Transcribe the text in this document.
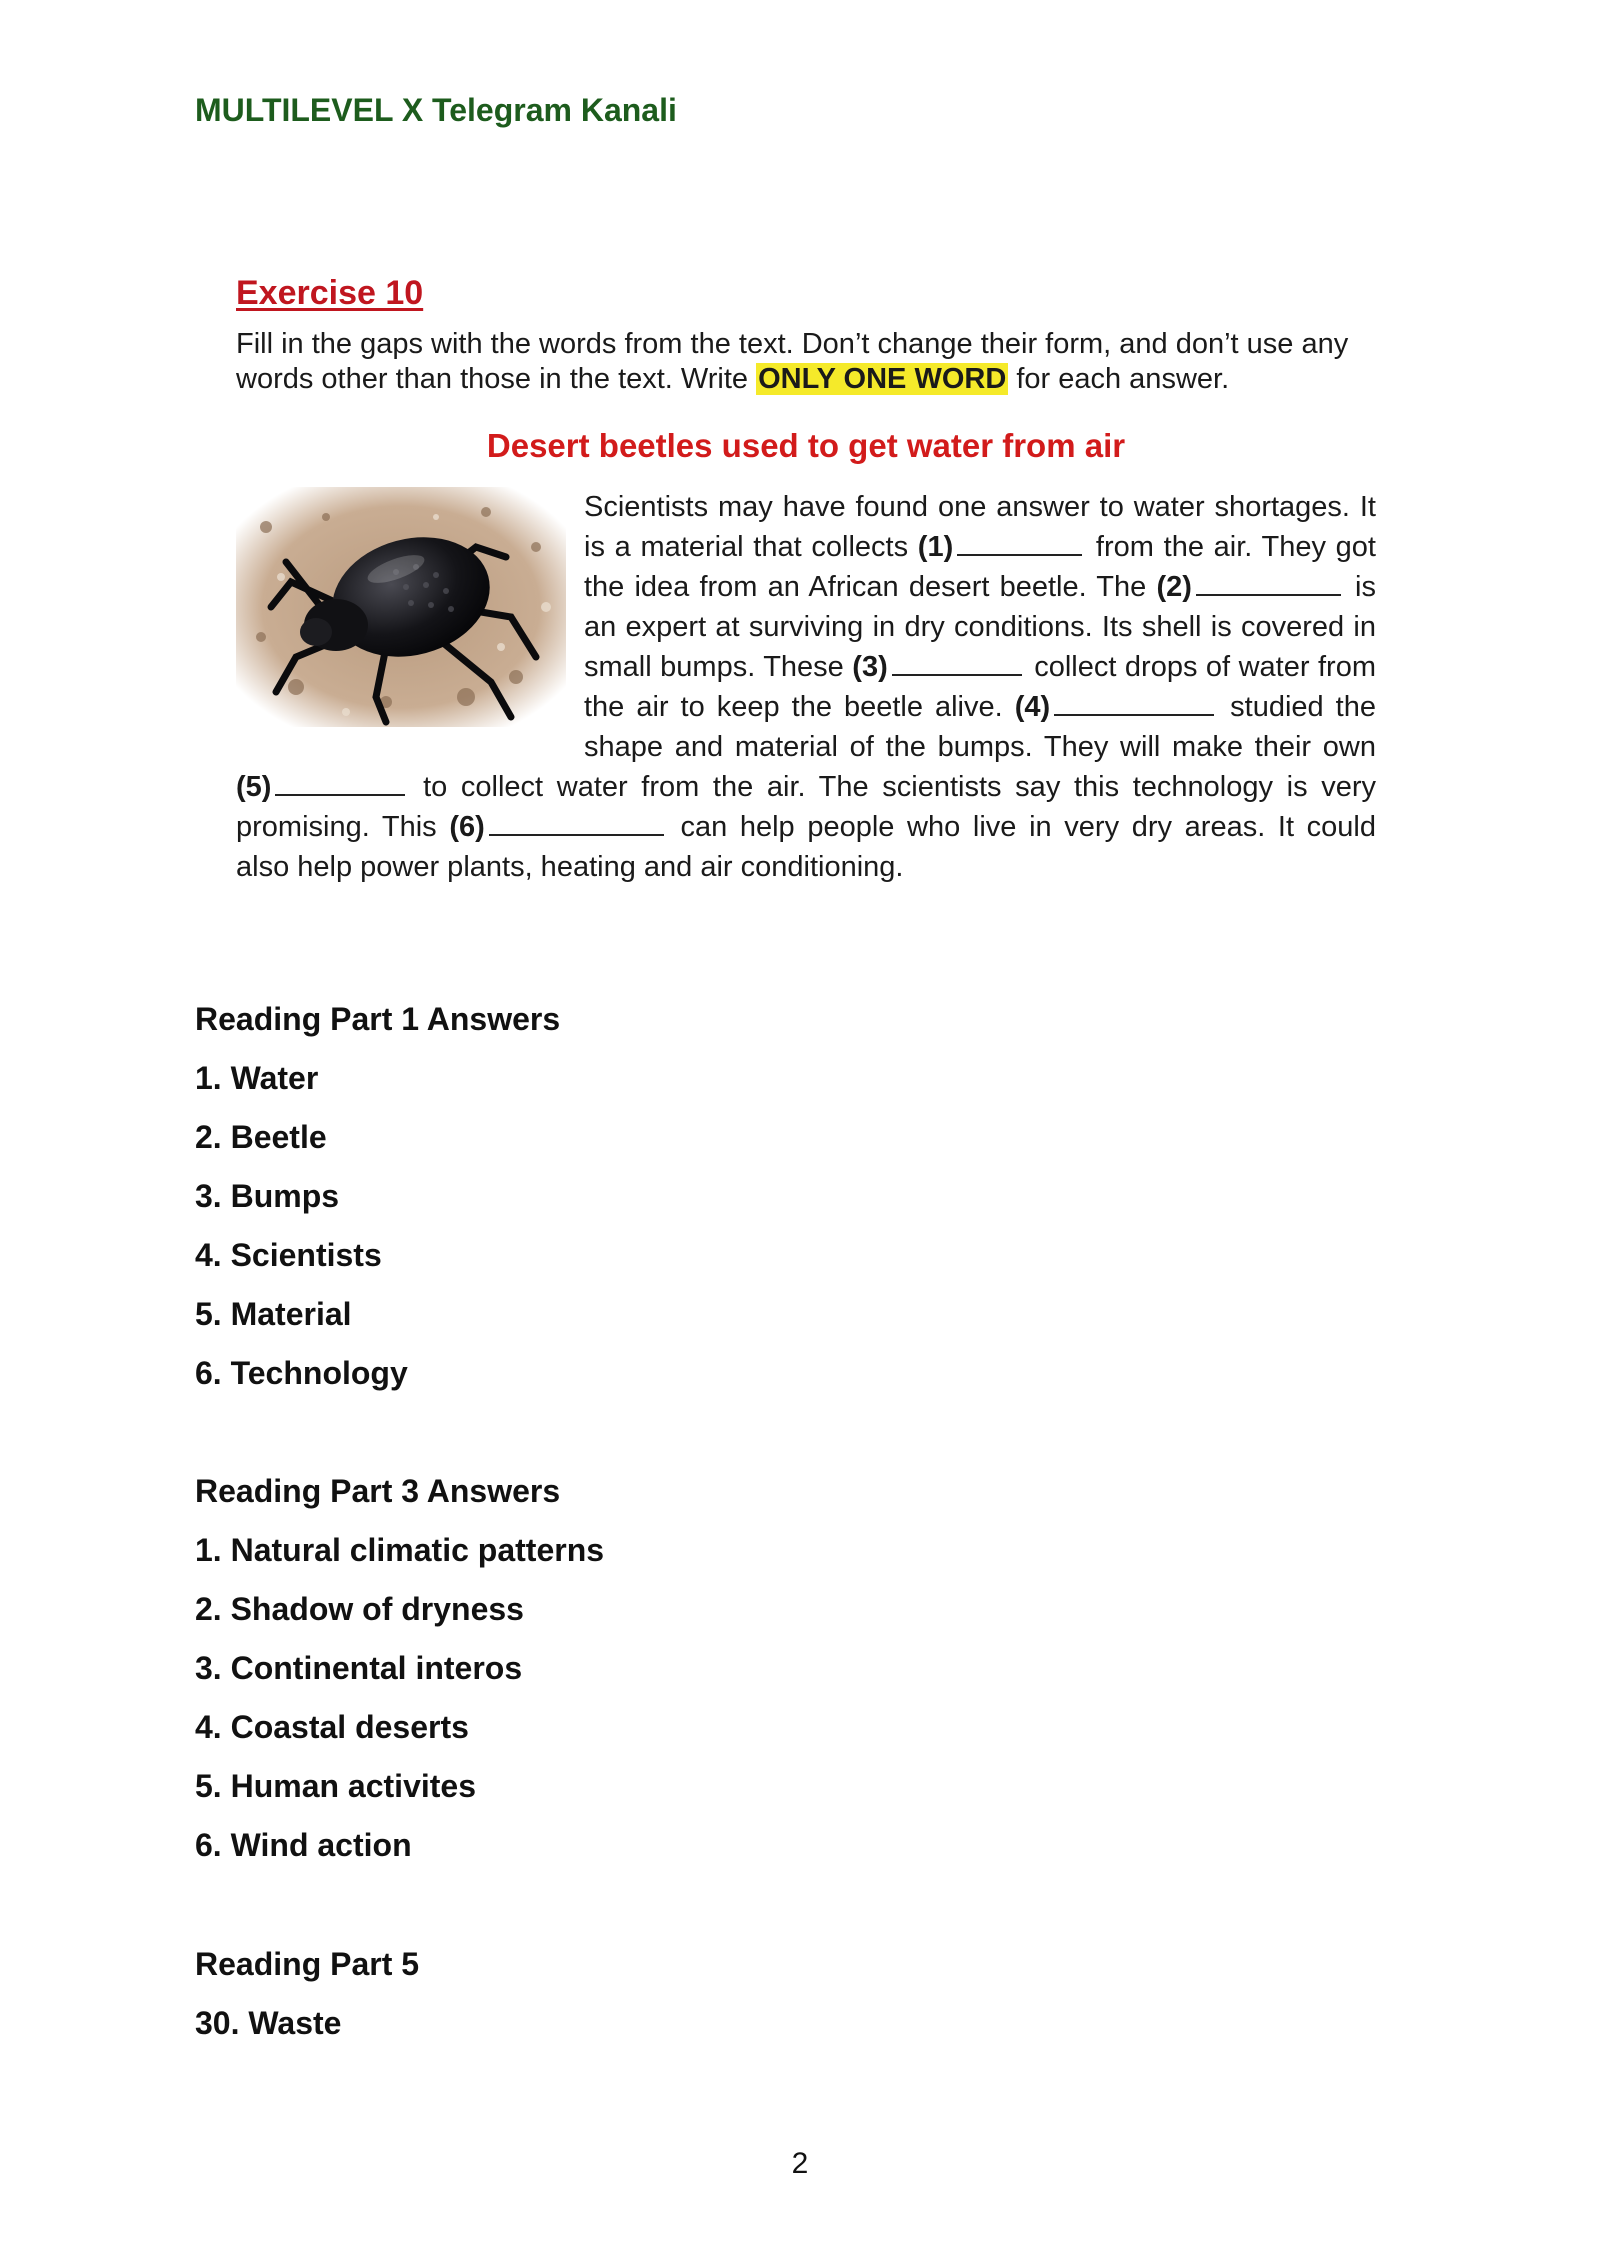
MULTILEVEL X Telegram Kanali
Exercise 10
Fill in the gaps with the words from the text. Don’t change their form, and don’t use any words other than those in the text. Write ONLY ONE WORD for each answer.
Desert beetles used to get water from air
Scientists may have found one answer to water shortages. It is a material that collects (1)	from the air. They got the idea from an African desert beetle. The (2)	is an expert at surviving in dry conditions. Its shell is covered in small bumps. These (3)	collect drops of water from the air to keep the beetle alive. (4)	studied the shape and material of the bumps. They will make their own (5)	to collect water from the air. The scientists say this technology is very promising. This (6)	can help people who live in very dry areas. It could also help power plants, heating and air conditioning.
Reading Part 1 Answers
1. Water
2. Beetle
3. Bumps
4. Scientists
5. Material
6. Technology
Reading Part 3 Answers
1. Natural climatic patterns
2. Shadow of dryness
3. Continental interos
4. Coastal deserts
5. Human activites
6. Wind action
Reading Part 5
30. Waste
2
